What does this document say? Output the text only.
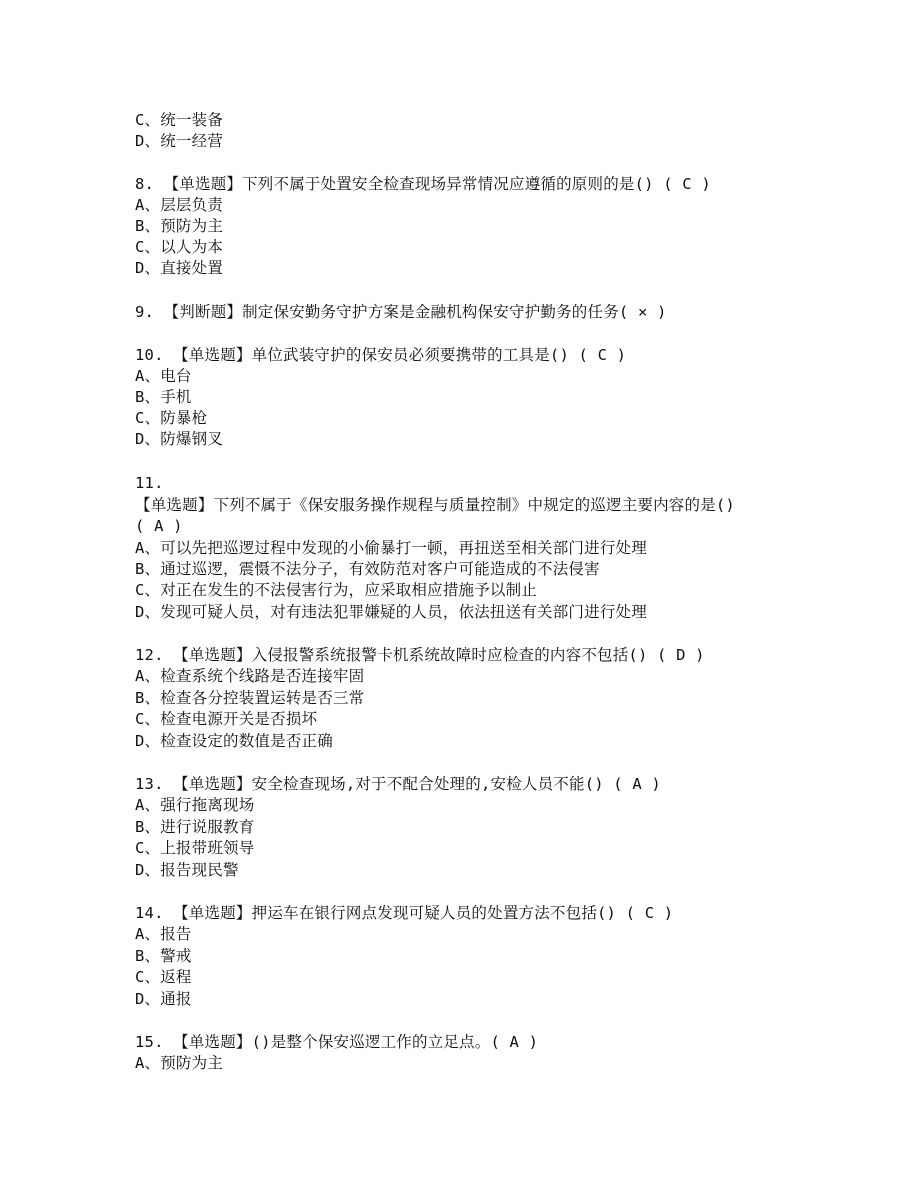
C、统一装备
D、统一经营
8. 【单选题】下列不属于处置安全检查现场异常情况应遵循的原则的是() ( C )
A、层层负责
B、预防为主
C、以人为本
D、直接处置
9. 【判断题】制定保安勤务守护方案是金融机构保安守护勤务的任务( × )
10. 【单选题】单位武装守护的保安员必须要携带的工具是() ( C )
A、电台
B、手机
C、防暴枪
D、防爆钢叉
11.
【单选题】下列不属于《保安服务操作规程与质量控制》中规定的巡逻主要内容的是()
( A )
A、可以先把巡逻过程中发现的小偷暴打一顿，再扭送至相关部门进行处理
B、通过巡逻，震慑不法分子，有效防范对客户可能造成的不法侵害
C、对正在发生的不法侵害行为，应采取相应措施予以制止
D、发现可疑人员，对有违法犯罪嫌疑的人员，依法扭送有关部门进行处理
12. 【单选题】入侵报警系统报警卡机系统故障时应检查的内容不包括() ( D )
A、检查系统个线路是否连接牢固
B、检查各分控装置运转是否三常
C、检查电源开关是否损坏
D、检查设定的数值是否正确
13. 【单选题】安全检查现场,对于不配合处理的,安检人员不能() ( A )
A、强行拖离现场
B、进行说服教育
C、上报带班领导
D、报告现民警
14. 【单选题】押运车在银行网点发现可疑人员的处置方法不包括() ( C )
A、报告
B、警戒
C、返程
D、通报
15. 【单选题】()是整个保安巡逻工作的立足点。( A )
A、预防为主
